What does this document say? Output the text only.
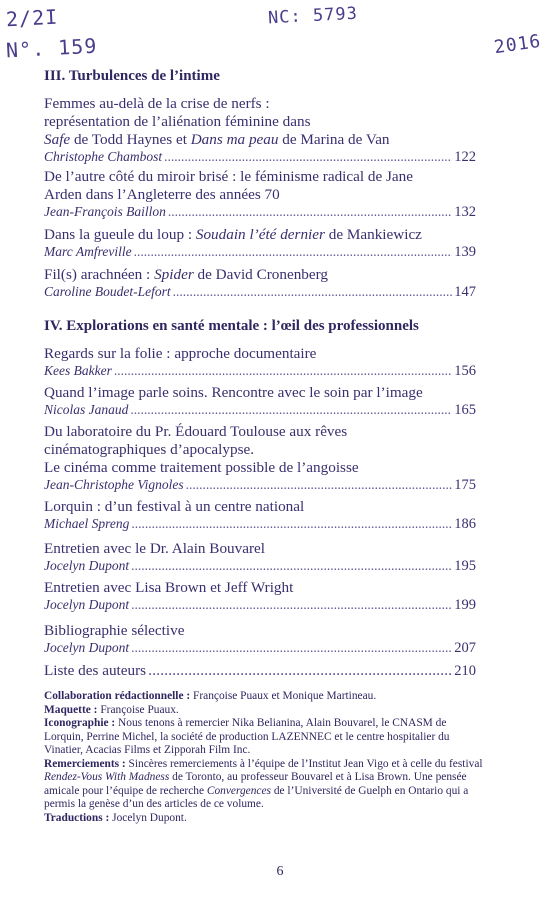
2/2I
N°. 159
NC: 5793
2016
III. Turbulences de l’intime
Femmes au-delà de la crise de nerfs :
représentation de l’aliénation féminine dans
Safe de Todd Haynes et Dans ma peau de Marina de Van
Christophe Chambost .....	122
De l’autre côté du miroir brisé : le féminisme radical de Jane
Arden dans l’Angleterre des années 70
Jean-François Baillon .....	132
Dans la gueule du loup : Soudain l’été dernier de Mankiewicz
Marc Amfreville .....	139
Fil(s) arachnéen : Spider de David Cronenberg
Caroline Boudet-Lefort .....	147
IV. Explorations en santé mentale : l’œil des professionnels
Regards sur la folie : approche documentaire
Kees Bakker .....	156
Quand l’image parle soins. Rencontre avec le soin par l’image
Nicolas Janaud .....	165
Du laboratoire du Pr. Édouard Toulouse aux rêves
cinématographiques d’apocalypse.
Le cinéma comme traitement possible de l’angoisse
Jean-Christophe Vignoles .....	175
Lorquin : d’un festival à un centre national
Michael Spreng .....	186
Entretien avec le Dr. Alain Bouvarel
Jocelyn Dupont .....	195
Entretien avec Lisa Brown et Jeff Wright
Jocelyn Dupont .....	199
Bibliographie sélective
Jocelyn Dupont .....	207
Liste des auteurs .....	210

Collaboration rédactionnelle : Françoise Puaux et Monique Martineau.

Maquette : Françoise Puaux.

Iconographie : Nous tenons à remercier Nika Belianina, Alain Bouvarel, le CNASM de Lorquin, Perrine Michel, la société de production LAZENNEC et le centre hospitalier du Vinatier, Acacias Films et Zipporah Film Inc.

Remerciements : Sincères remerciements à l’équipe de l’Institut Jean Vigo et à celle du festival Rendez-Vous With Madness de Toronto, au professeur Bouvarel et à Lisa Brown. Une pensée amicale pour l’équipe de recherche Convergences de l’Université de Guelph en Ontario qui a permis la genèse d’un des articles de ce volume.

Traductions : Jocelyn Dupont.

6
